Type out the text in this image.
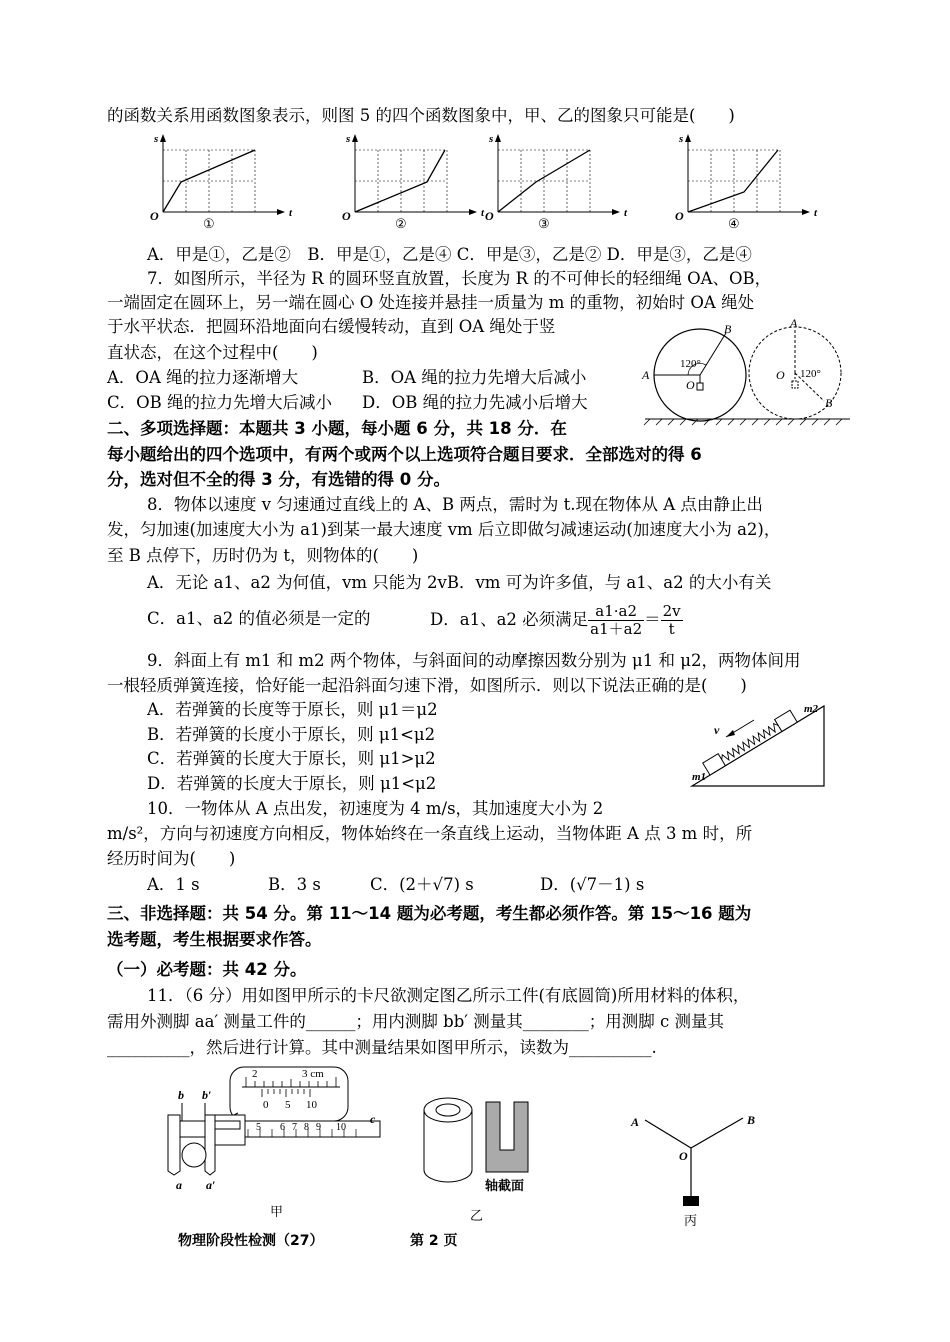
的函数关系用函数图象表示，则图 5 的四个函数图象中，甲、乙的图象只可能是(　　)
s
t
O	①
s
t
O	②
s
t
O	③
s
t
O	④
A．甲是①，乙是②　B．甲是①，乙是④ C．甲是③，乙是② D．甲是③，乙是④
7．如图所示，半径为 R 的圆环竖直放置，长度为 R 的不可伸长的轻细绳 OA、OB，
一端固定在圆环上，另一端在圆心 O 处连接并悬挂一质量为 m 的重物，初始时 OA 绳处
于水平状态．把圆环沿地面向右缓慢转动，直到 OA 绳处于竖
直状态，在这个过程中(　　)
A．OA 绳的拉力逐渐增大	B．OA 绳的拉力先增大后减小
C．OB 绳的拉力先增大后减小 D．OB 绳的拉力先减小后增大
120°
A
B
O
120°
A
B
O
二、多项选择题：本题共 3 小题，每小题 6 分，共 18 分．在
每小题给出的四个选项中，有两个或两个以上选项符合题目要求．全部选对的得 6
分，选对但不全的得 3 分，有选错的得 0 分。
8．物体以速度 v 匀速通过直线上的 A、B 两点，需时为 t.现在物体从 A 点由静止出
发，匀加速(加速度大小为 a1)到某一最大速度 vm 后立即做匀减速运动(加速度大小为 a2)，
至 B 点停下，历时仍为 t，则物体的(　　)
A．无论 a1、a2 为何值，vm 只能为 2vB．vm 可为许多值，与 a1、a2 的大小有关
C．a1、a2 的值必须是一定的	D．a1、a2 必须满足 $\frac{a1\cdot a2}{a1+a2} = \frac{2v}{t}$
9．斜面上有 m1 和 m2 两个物体，与斜面间的动摩擦因数分别为 μ1 和 μ2，两物体间用
一根轻质弹簧连接，恰好能一起沿斜面匀速下滑，如图所示．则以下说法正确的是(　　)
A．若弹簧的长度等于原长，则 μ1＝μ2
B．若弹簧的长度小于原长，则 μ1<μ2
C．若弹簧的长度大于原长，则 μ1>μ2
D．若弹簧的长度大于原长，则 μ1<μ2
v
m1
m2
10．一物体从 A 点出发，初速度为 4 m/s，其加速度大小为 2
m/s²，方向与初速度方向相反，物体始终在一条直线上运动，当物体距 A 点 3 m 时，所
经历时间为(　　)
A．1 s	B．3 s	C．(2＋√7) s	D．(√7－1) s
三、非选择题：共 54 分。第 11～14 题为必考题，考生都必须作答。第 15～16 题为
选考题，考生根据要求作答。
（一）必考题：共 42 分。
11．（6 分）用如图甲所示的卡尺欲测定图乙所示工件(有底圆筒)所用材料的体积，
需用外测脚 aa′ 测量工件的______；用内测脚 bb′ 测量其________；用测脚 c 测量其
__________，然后进行计算。其中测量结果如图甲所示，读数为__________.
2	3 cm
0 5 10
5 6 7 8 9 10
b b′
a a′
c
甲
轴截面
乙
A	B
O
丙
物理阶段性检测（27）	第 2 页
